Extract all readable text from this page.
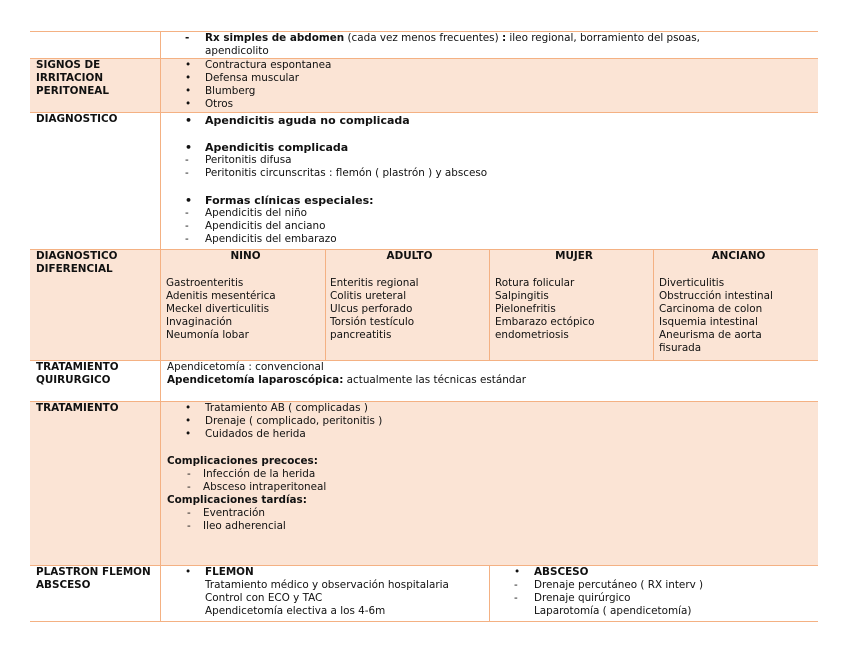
- Rx simples de abdomen (cada vez menos frecuentes) : ileo regional, borramiento del psoas,
apendicolito
SIGNOS DE IRRITACION PERITONEAL
• Contractura espontanea
• Defensa muscular
• Blumberg
• Otros
DIAGNOSTICO	• Apendicitis aguda no complicada
• Apendicitis complicada
- Peritonitis difusa
- Peritonitis circunscritas : flemón ( plastrón ) y absceso
• Formas clínicas especiales:
- Apendicitis del niño
- Apendicitis del anciano
- Apendicitis del embarazo
DIAGNOSTICO DIFERENCIAL
NINO
Gastroenteritis
Adenitis mesentérica
Meckel diverticulitis
Invaginación
Neumonía lobar
ADULTO
Enteritis regional
Colitis ureteral
Ulcus perforado
Torsión testículo
pancreatitis
MUJER
Rotura folicular
Salpingitis
Pielonefritis
Embarazo ectópico
endometriosis
ANCIANO
Diverticulitis
Obstrucción intestinal
Carcinoma de colon
Isquemia intestinal
Aneurisma de aorta
fisurada
TRATAMIENTO QUIRURGICO
Apendicetomía : convencional
Apendicetomía laparoscópica: actualmente las técnicas estándar
TRATAMIENTO	• Tratamiento AB ( complicadas )
• Drenaje ( complicado, peritonitis )
• Cuidados de herida
Complicaciones precoces:
- Infección de la herida
- Absceso intraperitoneal
Complicaciones tardías:
- Eventración
- Ileo adherencial
PLASTRON FLEMON ABSCESO
• FLEMON
Tratamiento médico y observación hospitalaria
Control con ECO y TAC
Apendicetomía electiva a los 4-6m
• ABSCESO
- Drenaje percutáneo ( RX interv )
- Drenaje quirúrgico
Laparotomía ( apendicetomía)
